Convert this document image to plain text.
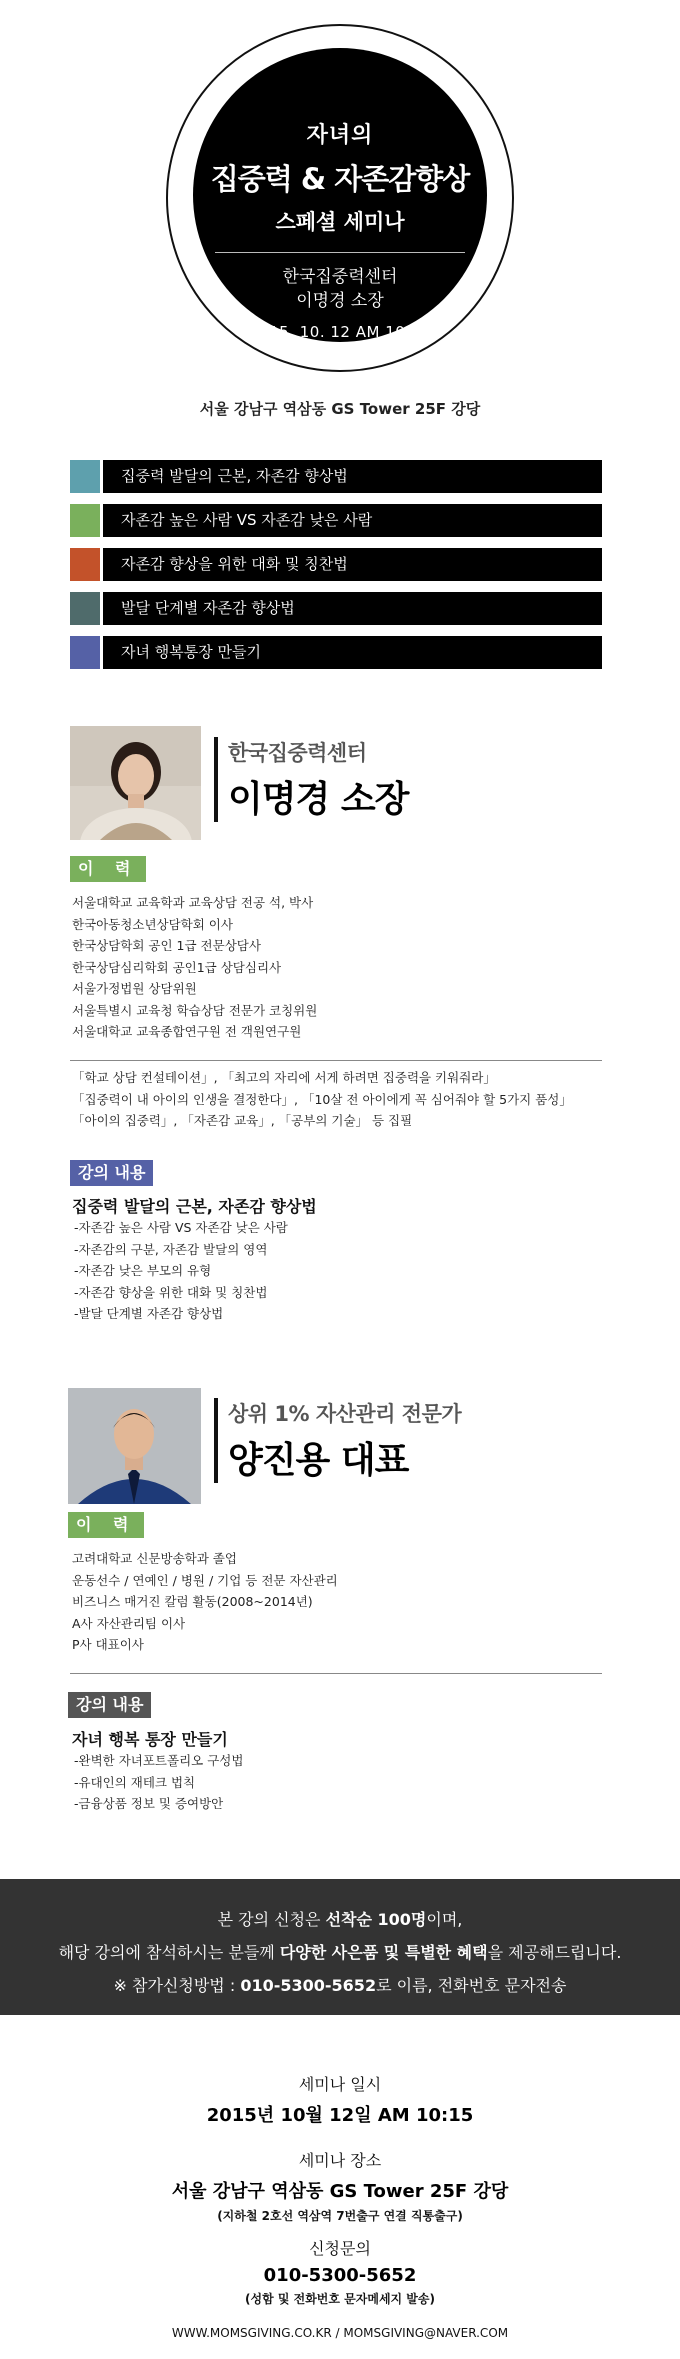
자녀의
집중력 & 자존감향상
스페셜 세미나
한국집중력센터
이명경 소장
2015. 10. 12 AM 10:15
서울 강남구 역삼동 GS Tower 25F 강당
집중력 발달의 근본, 자존감 향상법
자존감 높은 사람 VS 자존감 낮은 사람
자존감 향상을 위한 대화 및 칭찬법
발달 단계별 자존감 향상법
자녀 행복통장 만들기
한국집중력센터
이명경 소장
이 력
서울대학교 교육학과 교육상담 전공 석, 박사
한국아동청소년상담학회 이사
한국상담학회 공인 1급 전문상담사
한국상담심리학회 공인1급 상담심리사
서울가정법원 상담위원
서울특별시 교육청 학습상담 전문가 코칭위원
서울대학교 교육종합연구원 전 객원연구원
「학교 상담 컨설테이션」, 「최고의 자리에 서게 하려면 집중력을 키워줘라」
「집중력이 내 아이의 인생을 결정한다」, 「10살 전 아이에게 꼭 심어줘야 할 5가지 품성」
「아이의 집중력」, 「자존감 교육」, 「공부의 기술」 등 집필
강의 내용
집중력 발달의 근본, 자존감 향상법
-자존감 높은 사람 VS 자존감 낮은 사람
-자존감의 구분, 자존감 발달의 영역
-자존감 낮은 부모의 유형
-자존감 향상을 위한 대화 및 칭찬법
-발달 단계별 자존감 향상법
상위 1% 자산관리 전문가
양진용 대표
이 력
고려대학교 신문방송학과 졸업
운동선수 / 연예인 / 병원 / 기업 등 전문 자산관리
비즈니스 매거진 칼럼 활동(2008~2014년)
A사 자산관리팀 이사
P사 대표이사
강의 내용
자녀 행복 통장 만들기
-완벽한 자녀포트폴리오 구성법
-유대인의 재테크 법칙
-금융상품 정보 및 증여방안
본 강의 신청은 선착순 100명이며,
해당 강의에 참석하시는 분들께 다양한 사은품 및 특별한 혜택을 제공해드립니다.
※ 참가신청방법 : 010-5300-5652로 이름, 전화번호 문자전송
세미나 일시
2015년 10월 12일 AM 10:15
세미나 장소
서울 강남구 역삼동 GS Tower 25F 강당
(지하철 2호선 역삼역 7번출구 연결 직통출구)
신청문의
010-5300-5652
(성함 및 전화번호 문자메세지 발송)
WWW.MOMSGIVING.CO.KR / MOMSGIVING@NAVER.COM
